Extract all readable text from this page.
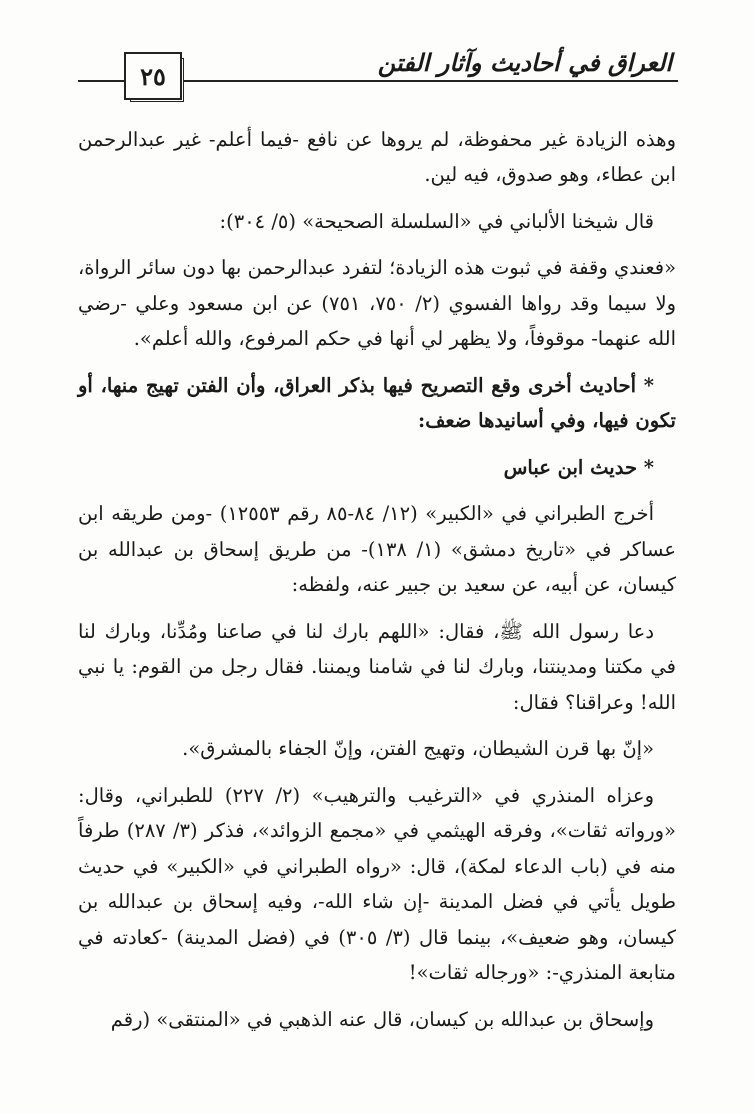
٢٥	العراق في أحاديث وآثار الفتن

وهذه الزيادة غير محفوظة، لم يروها عن نافع -فيما أعلم- غير عبدالرحمن ابن عطاء، وهو صدوق، فيه لين.

قال شيخنا الألباني في «السلسلة الصحيحة» (٥/ ٣٠٤):

«فعندي وقفة في ثبوت هذه الزيادة؛ لتفرد عبدالرحمن بها دون سائر الرواة، ولا سيما وقد رواها الفسوي (٢/ ٧٥٠، ٧٥١) عن ابن مسعود وعلي -رضي الله عنهما- موقوفاً، ولا يظهر لي أنها في حكم المرفوع، والله أعلم».

* أحاديث أخرى وقع التصريح فيها بذكر العراق، وأن الفتن تهيج منها، أو تكون فيها، وفي أسانيدها ضعف:

* حديث ابن عباس

أخرج الطبراني في «الكبير» (١٢/ ٨٤-٨٥ رقم ١٢٥٥٣) -ومن طريقه ابن عساكر في «تاريخ دمشق» (١/ ١٣٨)- من طريق إسحاق بن عبدالله بن كيسان، عن أبيه، عن سعيد بن جبير عنه، ولفظه:

دعا رسول الله ﷺ، فقال: «اللهم بارك لنا في صاعنا ومُدِّنا، وبارك لنا في مكتنا ومدينتنا، وبارك لنا في شامنا ويمننا. فقال رجل من القوم: يا نبي الله! وعراقنا؟ فقال:

«إنّ بها قرن الشيطان، وتهيج الفتن، وإنّ الجفاء بالمشرق».

وعزاه المنذري في «الترغيب والترهيب» (٢/ ٢٢٧) للطبراني، وقال: «ورواته ثقات»، وفرقه الهيثمي في «مجمع الزوائد»، فذكر (٣/ ٢٨٧) طرفاً منه في (باب الدعاء لمكة)، قال: «رواه الطبراني في «الكبير» في حديث طويل يأتي في فضل المدينة -إن شاء الله-، وفيه إسحاق بن عبدالله بن كيسان، وهو ضعيف»، بينما قال (٣/ ٣٠٥) في (فضل المدينة) -كعادته في متابعة المنذري-: «ورجاله ثقات»!

وإسحاق بن عبدالله بن كيسان، قال عنه الذهبي في «المنتقى» (رقم
